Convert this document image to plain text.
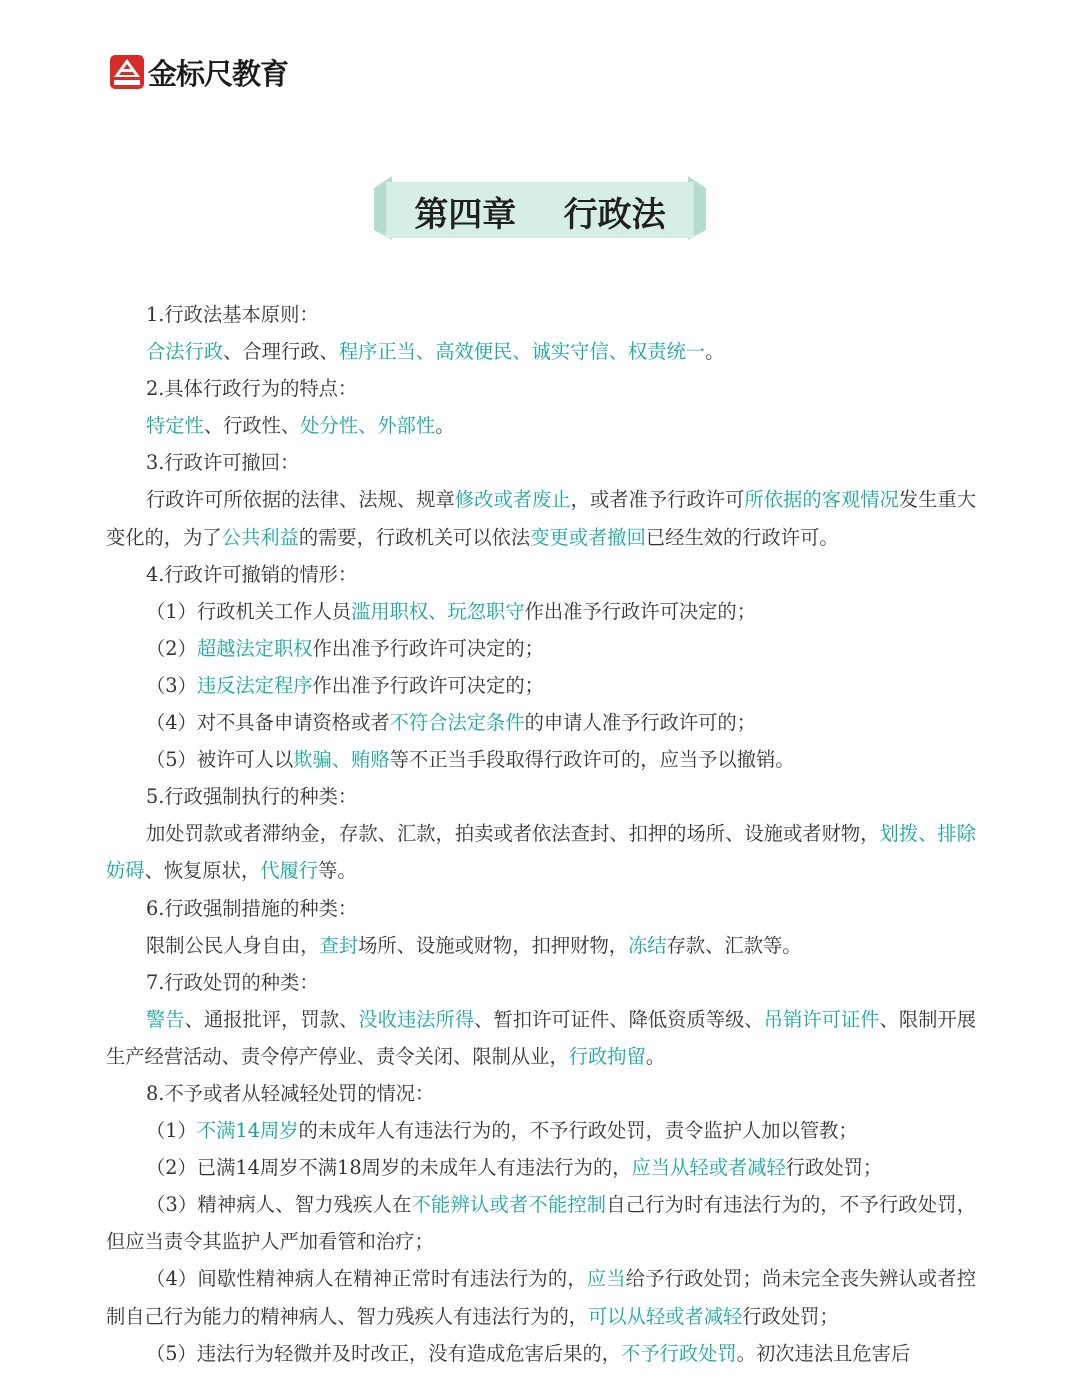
金标尺教育
第四章    行政法
1.行政法基本原则：
合法行政、合理行政、程序正当、高效便民、诚实守信、权责统一。
2.具体行政行为的特点：
特定性、行政性、处分性、外部性。
3.行政许可撤回：
行政许可所依据的法律、法规、规章修改或者废止，或者准予行政许可所依据的客观情况发生重大变化的，为了公共利益的需要，行政机关可以依法变更或者撤回已经生效的行政许可。
4.行政许可撤销的情形：
（1）行政机关工作人员滥用职权、玩忽职守作出准予行政许可决定的；
（2）超越法定职权作出准予行政许可决定的；
（3）违反法定程序作出准予行政许可决定的；
（4）对不具备申请资格或者不符合法定条件的申请人准予行政许可的；
（5）被许可人以欺骗、贿赂等不正当手段取得行政许可的，应当予以撤销。
5.行政强制执行的种类：
加处罚款或者滞纳金，存款、汇款，拍卖或者依法查封、扣押的场所、设施或者财物，划拨、排除妨碍、恢复原状，代履行等。
6.行政强制措施的种类：
限制公民人身自由，查封场所、设施或财物，扣押财物，冻结存款、汇款等。
7.行政处罚的种类：
警告、通报批评，罚款、没收违法所得、暂扣许可证件、降低资质等级、吊销许可证件、限制开展生产经营活动、责令停产停业、责令关闭、限制从业，行政拘留。
8.不予或者从轻减轻处罚的情况：
（1）不满14周岁的未成年人有违法行为的，不予行政处罚，责令监护人加以管教；
（2）已满14周岁不满18周岁的未成年人有违法行为的，应当从轻或者减轻行政处罚；
（3）精神病人、智力残疾人在不能辨认或者不能控制自己行为时有违法行为的，不予行政处罚，但应当责令其监护人严加看管和治疗；
（4）间歇性精神病人在精神正常时有违法行为的，应当给予行政处罚；尚未完全丧失辨认或者控制自己行为能力的精神病人、智力残疾人有违法行为的，可以从轻或者减轻行政处罚；
（5）违法行为轻微并及时改正，没有造成危害后果的，不予行政处罚。初次违法且危害后
